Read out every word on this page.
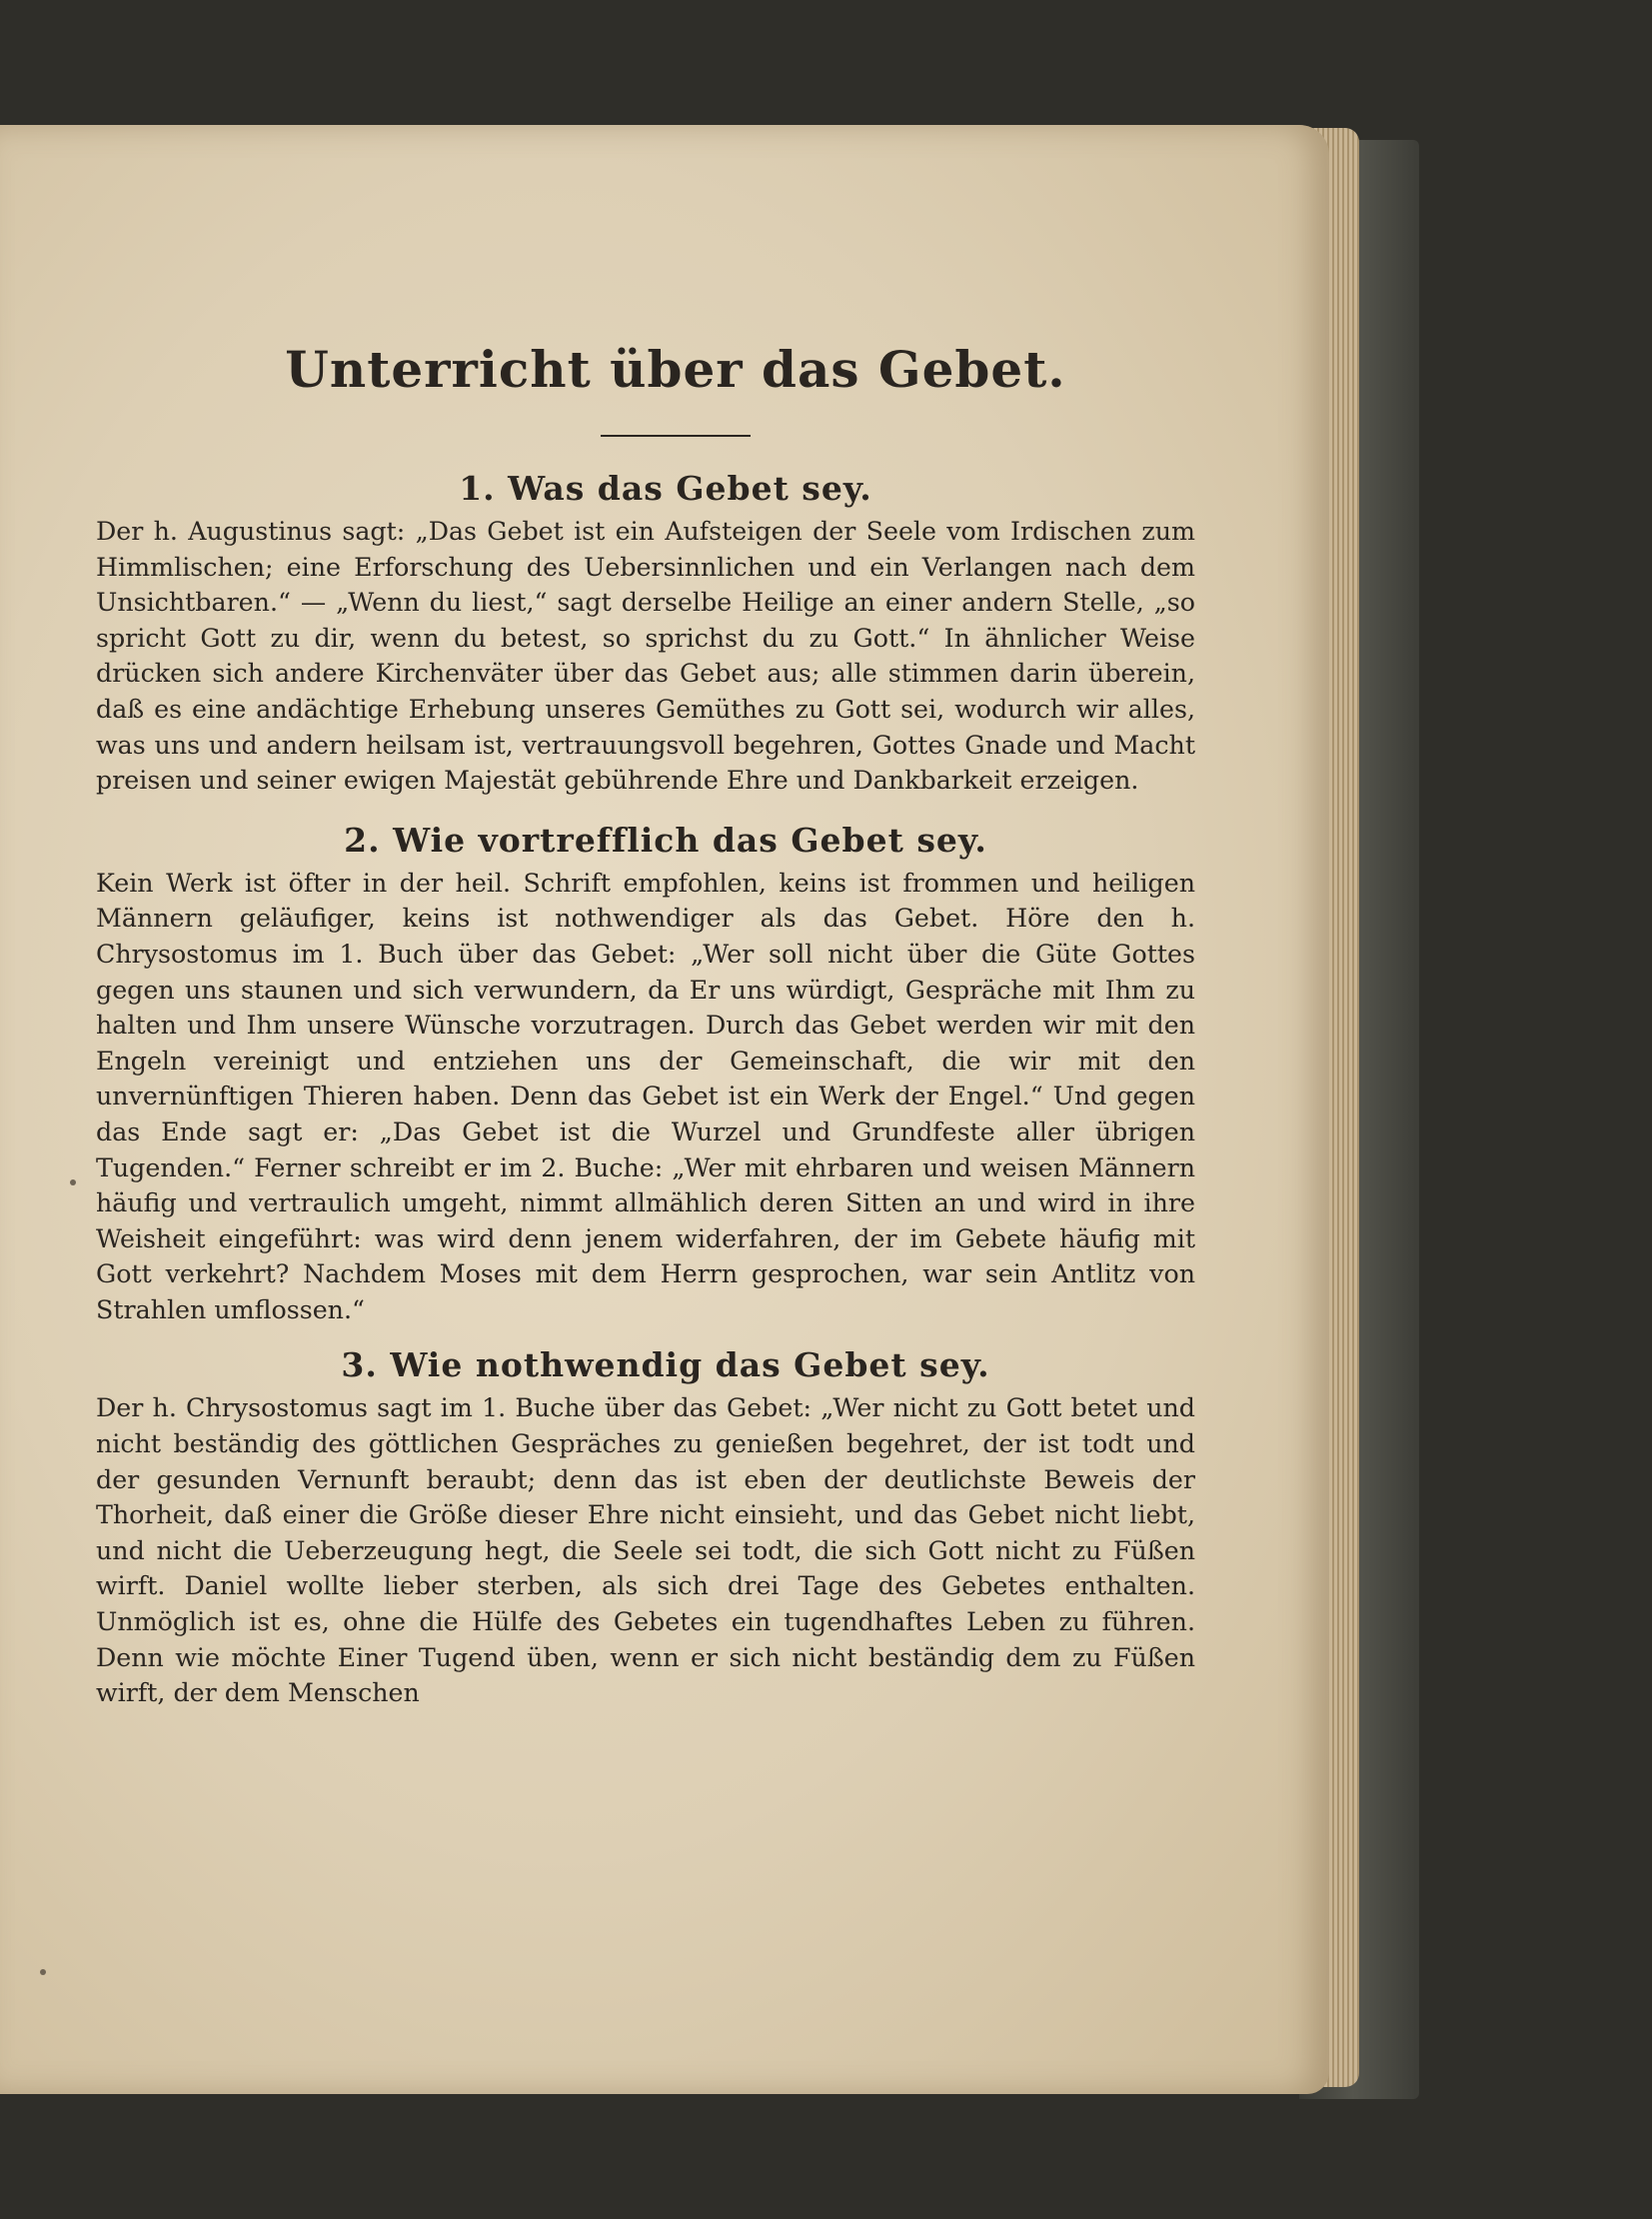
Unterricht über das Gebet.
1. Was das Gebet sey.

Der h. Augustinus sagt: „Das Gebet ist ein Aufsteigen der Seele vom Irdischen zum Himmlischen; eine Erforschung des Uebersinnlichen und ein Verlangen nach dem Unsichtbaren.“ — „Wenn du liest,“ sagt derselbe Heilige an einer andern Stelle, „so spricht Gott zu dir, wenn du betest, so sprichst du zu Gott.“ In ähnlicher Weise drücken sich andere Kirchenväter über das Gebet aus; alle stimmen darin überein, daß es eine andächtige Erhebung unseres Gemüthes zu Gott sei, wodurch wir alles, was uns und andern heilsam ist, vertrauungsvoll begehren, Gottes Gnade und Macht preisen und seiner ewigen Majestät gebührende Ehre und Dankbarkeit erzeigen.

2. Wie vortrefflich das Gebet sey.

Kein Werk ist öfter in der heil. Schrift empfohlen, keins ist frommen und heiligen Männern geläufiger, keins ist nothwendiger als das Gebet. Höre den h. Chrysostomus im 1. Buch über das Gebet: „Wer soll nicht über die Güte Gottes gegen uns staunen und sich verwundern, da Er uns würdigt, Gespräche mit Ihm zu halten und Ihm unsere Wünsche vorzutragen. Durch das Gebet werden wir mit den Engeln vereinigt und entziehen uns der Gemeinschaft, die wir mit den unvernünftigen Thieren haben. Denn das Gebet ist ein Werk der Engel.“ Und gegen das Ende sagt er: „Das Gebet ist die Wurzel und Grundfeste aller übrigen Tugenden.“ Ferner schreibt er im 2. Buche: „Wer mit ehrbaren und weisen Männern häufig und vertraulich umgeht, nimmt allmählich deren Sitten an und wird in ihre Weisheit eingeführt: was wird denn jenem widerfahren, der im Gebete häufig mit Gott verkehrt? Nachdem Moses mit dem Herrn gesprochen, war sein Antlitz von Strahlen umflossen.“

3. Wie nothwendig das Gebet sey.

Der h. Chrysostomus sagt im 1. Buche über das Gebet: „Wer nicht zu Gott betet und nicht beständig des göttlichen Gespräches zu genießen begehret, der ist todt und der gesunden Vernunft beraubt; denn das ist eben der deutlichste Beweis der Thorheit, daß einer die Größe dieser Ehre nicht einsieht, und das Gebet nicht liebt, und nicht die Ueberzeugung hegt, die Seele sei todt, die sich Gott nicht zu Füßen wirft. Daniel wollte lieber sterben, als sich drei Tage des Gebetes enthalten. Unmöglich ist es, ohne die Hülfe des Gebetes ein tugendhaftes Leben zu führen. Denn wie möchte Einer Tugend üben, wenn er sich nicht beständig dem zu Füßen wirft, der dem Menschen
